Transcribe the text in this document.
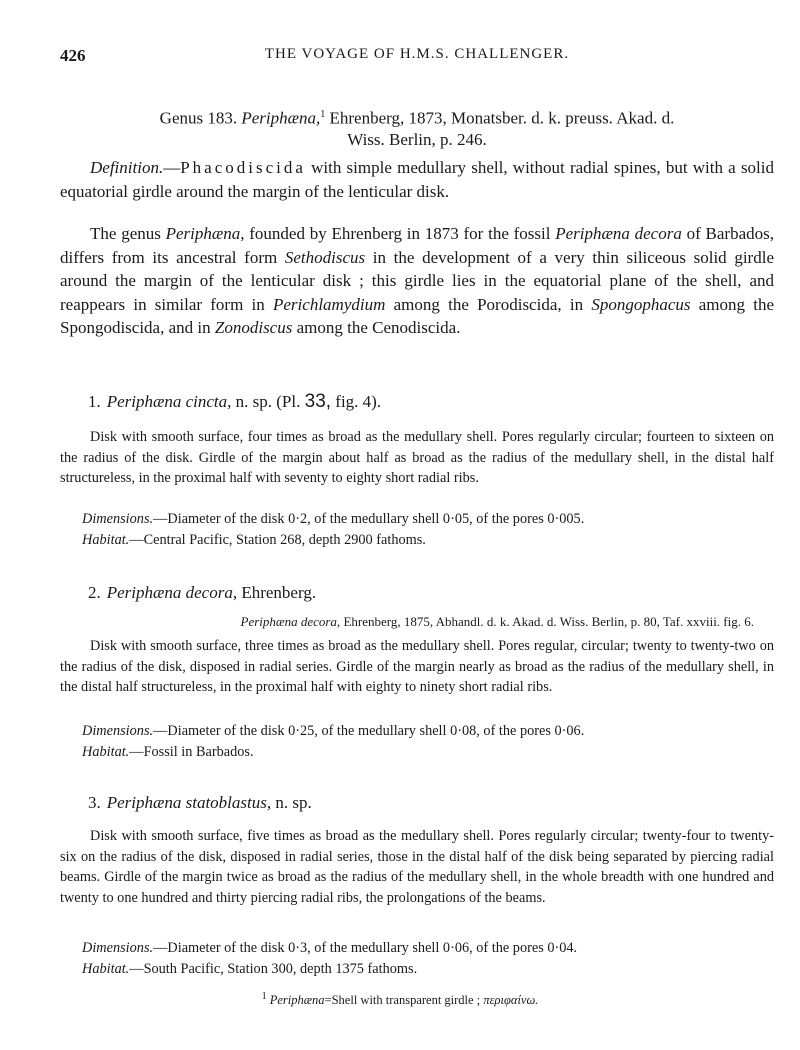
426	THE VOYAGE OF H.M.S. CHALLENGER.
Genus 183. Periphæna,$^1$ Ehrenberg, 1873, Monatsber. d. k. preuss. Akad. d.
Wiss. Berlin, p. 246.
Definition.—Phacodiscida with simple medullary shell, without radial spines, but with a solid equatorial girdle around the margin of the lenticular disk.
The genus Periphæna, founded by Ehrenberg in 1873 for the fossil Periphæna decora of Barbados, differs from its ancestral form Sethodiscus in the development of a very thin siliceous solid girdle around the margin of the lenticular disk ; this girdle lies in the equatorial plane of the shell, and reappears in similar form in Perichlamydium among the Porodiscida, in Spongophacus among the Spongodiscida, and in Zonodiscus among the Cenodiscida.
1. Periphæna cincta, n. sp. (Pl. 33, fig. 4).
Disk with smooth surface, four times as broad as the medullary shell. Pores regularly circular; fourteen to sixteen on the radius of the disk. Girdle of the margin about half as broad as the radius of the medullary shell, in the distal half structureless, in the proximal half with seventy to eighty short radial ribs.
Dimensions.—Diameter of the disk 0·2, of the medullary shell 0·05, of the pores 0·005.
Habitat.—Central Pacific, Station 268, depth 2900 fathoms.
2. Periphæna decora, Ehrenberg.
Periphæna decora, Ehrenberg, 1875, Abhandl. d. k. Akad. d. Wiss. Berlin, p. 80, Taf. xxviii. fig. 6.
Disk with smooth surface, three times as broad as the medullary shell. Pores regular, circular; twenty to twenty-two on the radius of the disk, disposed in radial series. Girdle of the margin nearly as broad as the radius of the medullary shell, in the distal half structureless, in the proximal half with eighty to ninety short radial ribs.
Dimensions.—Diameter of the disk 0·25, of the medullary shell 0·08, of the pores 0·06.
Habitat.—Fossil in Barbados.
3. Periphæna statoblastus, n. sp.
Disk with smooth surface, five times as broad as the medullary shell. Pores regularly circular; twenty-four to twenty-six on the radius of the disk, disposed in radial series, those in the distal half of the disk being separated by piercing radial beams. Girdle of the margin twice as broad as the radius of the medullary shell, in the whole breadth with one hundred and twenty to one hundred and thirty piercing radial ribs, the prolongations of the beams.
Dimensions.—Diameter of the disk 0·3, of the medullary shell 0·06, of the pores 0·04.
Habitat.—South Pacific, Station 300, depth 1375 fathoms.
$^1$ Periphæna=Shell with transparent girdle ; περιφαίνω.
